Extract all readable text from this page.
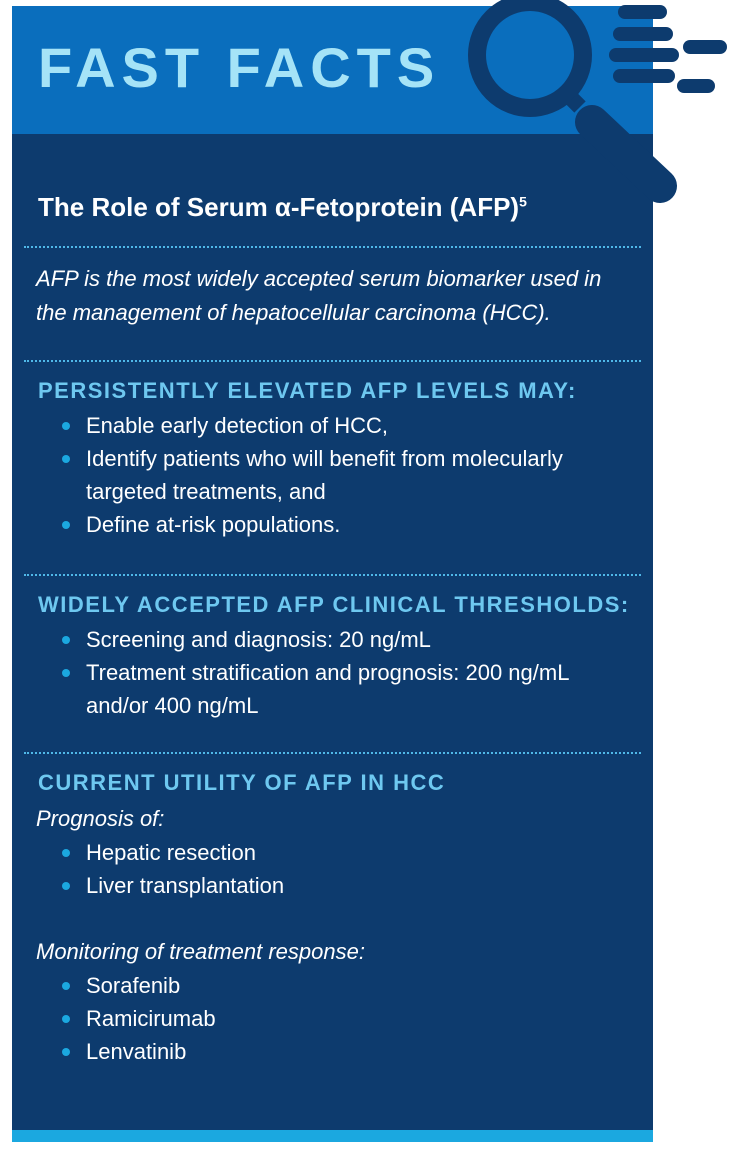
FAST FACTS
The Role of Serum α-Fetoprotein (AFP)$^5$

AFP is the most widely accepted serum biomarker used in the management of hepatocellular carcinoma (HCC).

PERSISTENTLY ELEVATED AFP LEVELS MAY:
Enable early detection of HCC,
Identify patients who will benefit from molecularly targeted treatments, and
Define at-risk populations.
WIDELY ACCEPTED AFP CLINICAL THRESHOLDS:
Screening and diagnosis: 20 ng/mL
Treatment stratification and prognosis: 200 ng/mL and/or 400 ng/mL
CURRENT UTILITY OF AFP IN HCC

Prognosis of:

Hepatic resection
Liver transplantation

Monitoring of treatment response:

Sorafenib
Ramicirumab
Lenvatinib
